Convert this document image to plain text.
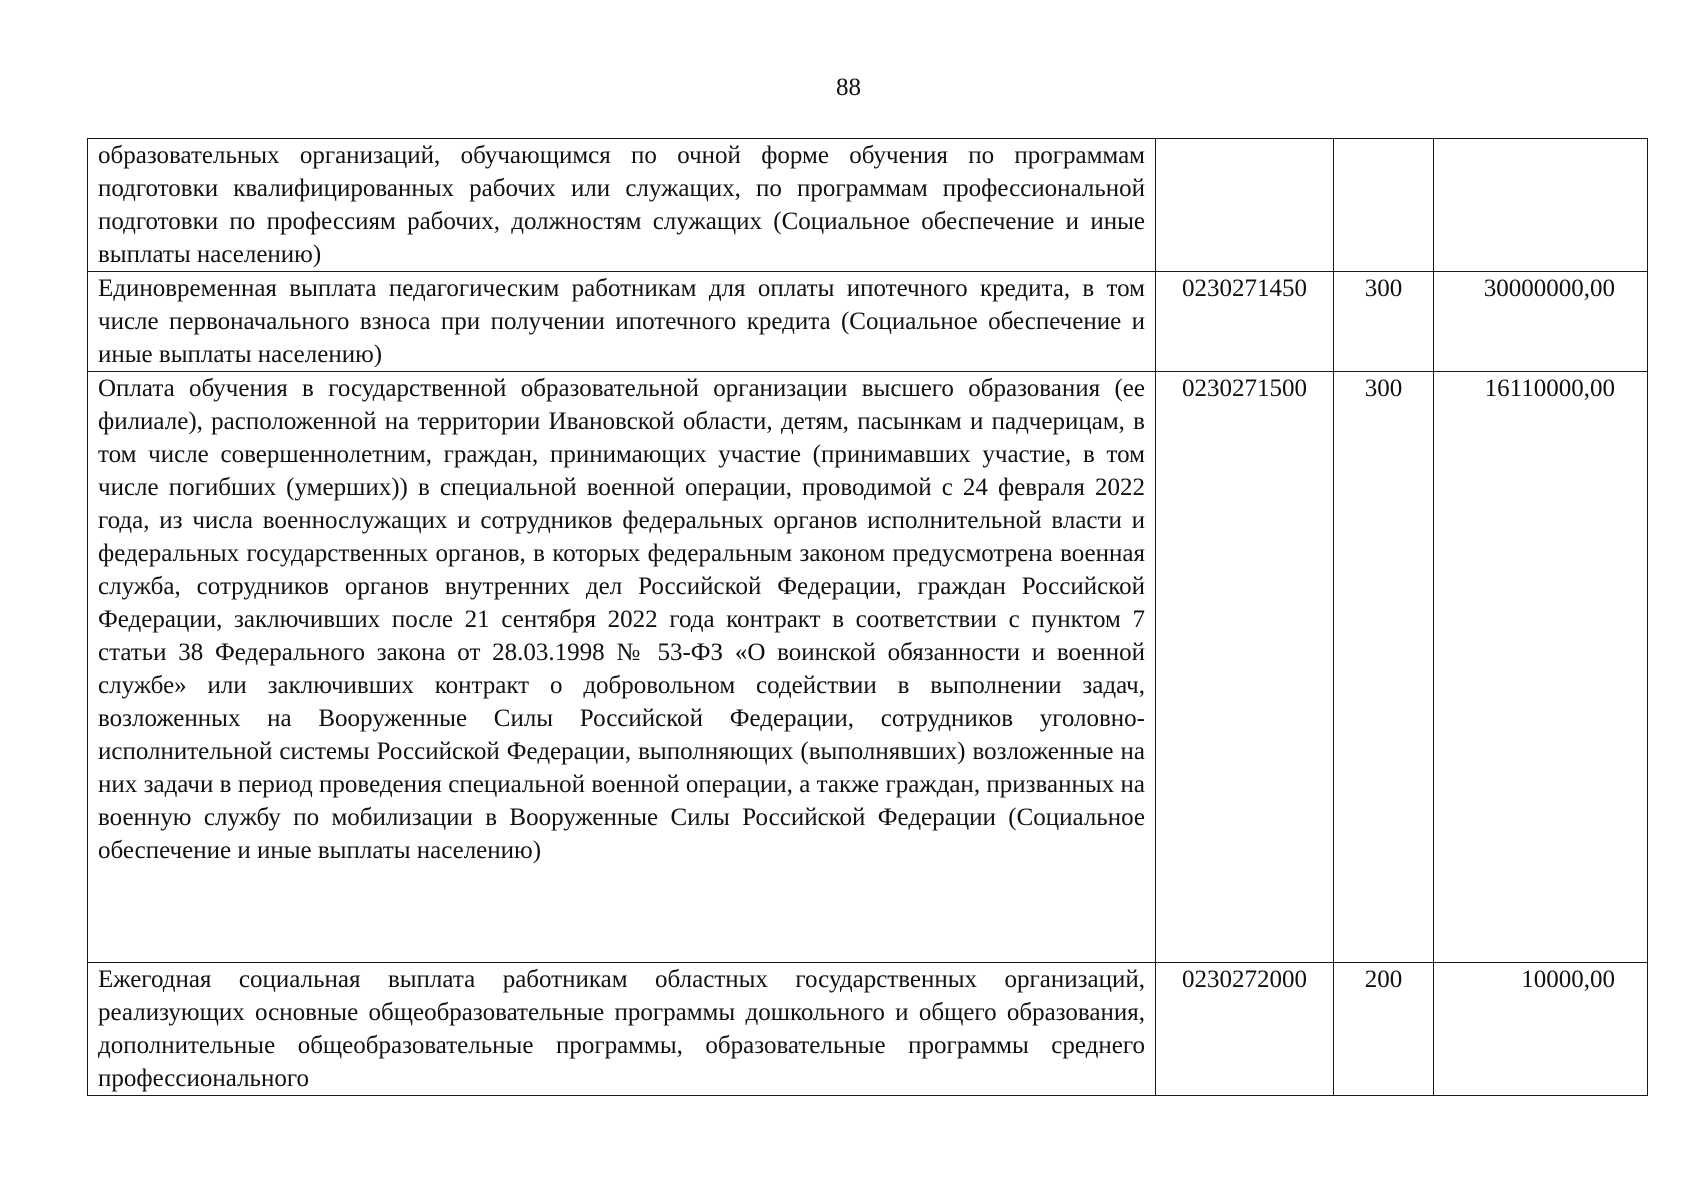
88
образовательных организаций, обучающимся по очной форме обучения по программам подготовки квалифицированных рабочих или служащих, по программам профессиональной подготовки по профессиям рабочих, должностям служащих (Социальное обеспечение и иные выплаты населению)			
Единовременная выплата педагогическим работникам для оплаты ипотечного кредита, в том числе первоначального взноса при получении ипотечного кредита (Социальное обеспечение и иные выплаты населению)	0230271450	300	30000000,00
Оплата обучения в государственной образовательной организации высшего образования (ее филиале), расположенной на территории Ивановской области, детям, пасынкам и падчерицам, в том числе совершеннолетним, граждан, принимающих участие (принимавших участие, в том числе погибших (умерших)) в специальной военной операции, проводимой с 24 февраля 2022 года, из числа военнослужащих и сотрудников федеральных органов исполнительной власти и федеральных государственных органов, в которых федеральным законом предусмотрена военная служба, сотрудников органов внутренних дел Российской Федерации, граждан Российской Федерации, заключивших после 21 сентября 2022 года контракт в соответствии с пунктом 7 статьи 38 Федерального закона от 28.03.1998 № 53-ФЗ «О воинской обязанности и военной службе» или заключивших контракт о добровольном содействии в выполнении задач, возложенных на Вооруженные Силы Российской Федерации, сотрудников уголовно-исполнительной системы Российской Федерации, выполняющих (выполнявших) возложенные на них задачи в период проведения специальной военной операции, а также граждан, призванных на военную службу по мобилизации в Вооруженные Силы Российской Федерации (Социальное обеспечение и иные выплаты населению)	0230271500	300	16110000,00
Ежегодная социальная выплата работникам областных государственных организаций, реализующих основные общеобразовательные программы дошкольного и общего образования, дополнительные общеобразовательные программы, образовательные программы среднего профессионального	0230272000	200	10000,00
